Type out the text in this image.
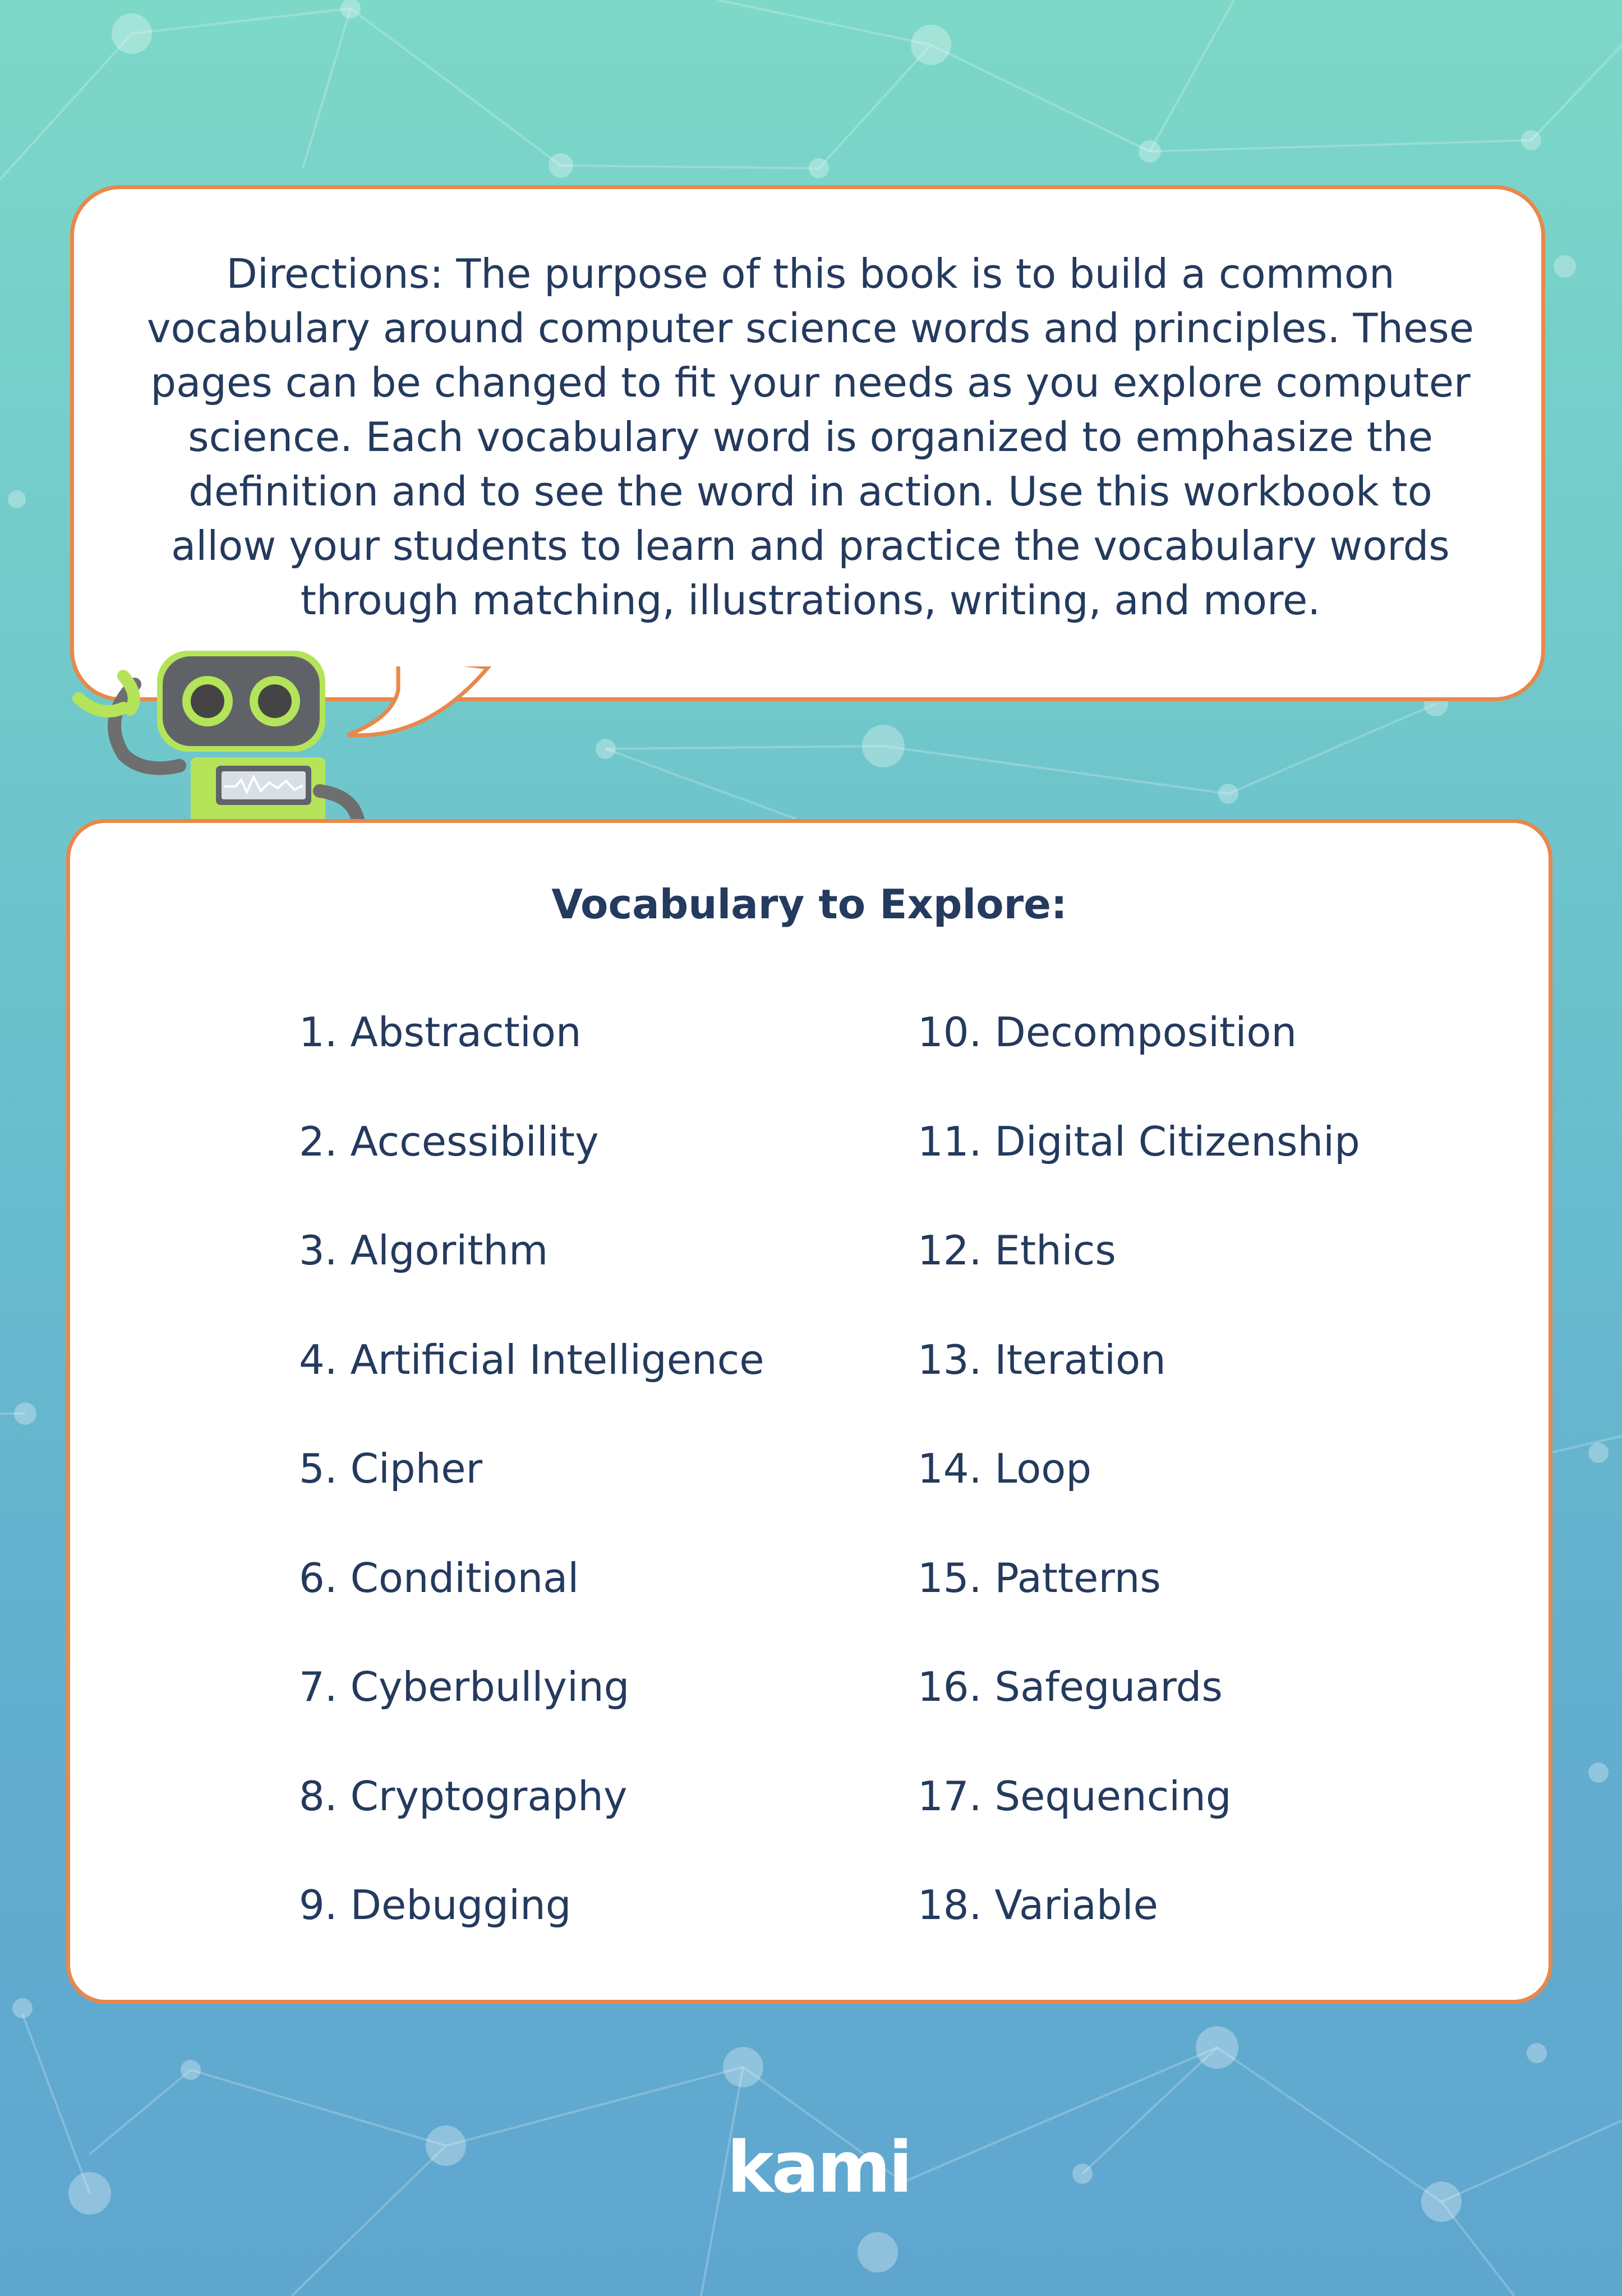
Directions: The purpose of this book is to build a common vocabulary around computer science words and principles. These pages can be changed to fit your needs as you explore computer science. Each vocabulary word is organized to emphasize the definition and to see the word in action. Use this workbook to allow your students to learn and practice the vocabulary words through matching, illustrations, writing, and more.

Vocabulary to Explore:
1. Abstraction
2. Accessibility
3. Algorithm
4. Artificial Intelligence
5. Cipher
6. Conditional
7. Cyberbullying
8. Cryptography
9. Debugging
10. Decomposition
11. Digital Citizenship
12. Ethics
13. Iteration
14. Loop
15. Patterns
16. Safeguards
17. Sequencing
18. Variable
kami
